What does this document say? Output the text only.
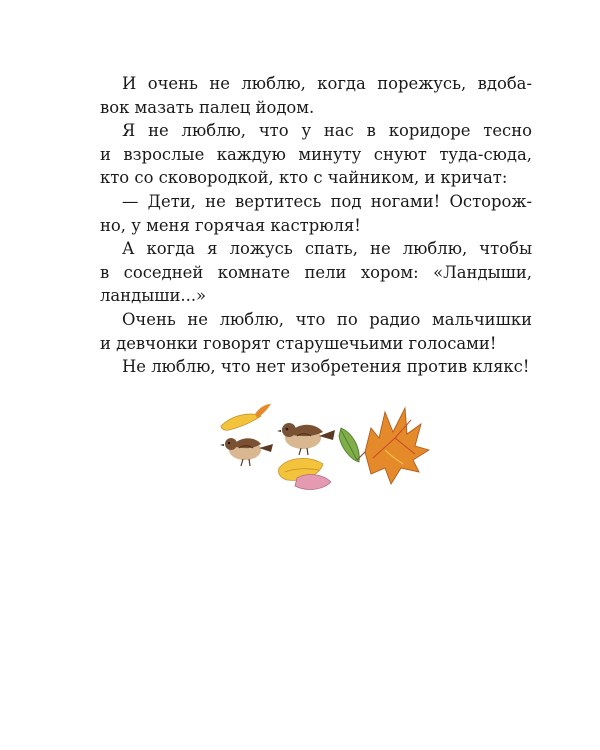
И очень не люблю, когда порежусь, вдоба-
вок мазать палец йодом.
Я не люблю, что у нас в коридоре тесно
и взрослые каждую минуту снуют туда-сюда,
кто со сковородкой, кто с чайником, и кричат:
— Дети, не вертитесь под ногами! Осторож-
но, у меня горячая кастрюля!
А когда я ложусь спать, не люблю, чтобы
в соседней комнате пели хором: «Ландыши,
ландыши...»
Очень не люблю, что по радио мальчишки
и девчонки говорят старушечьими голосами!
Не люблю, что нет изобретения против клякс!
